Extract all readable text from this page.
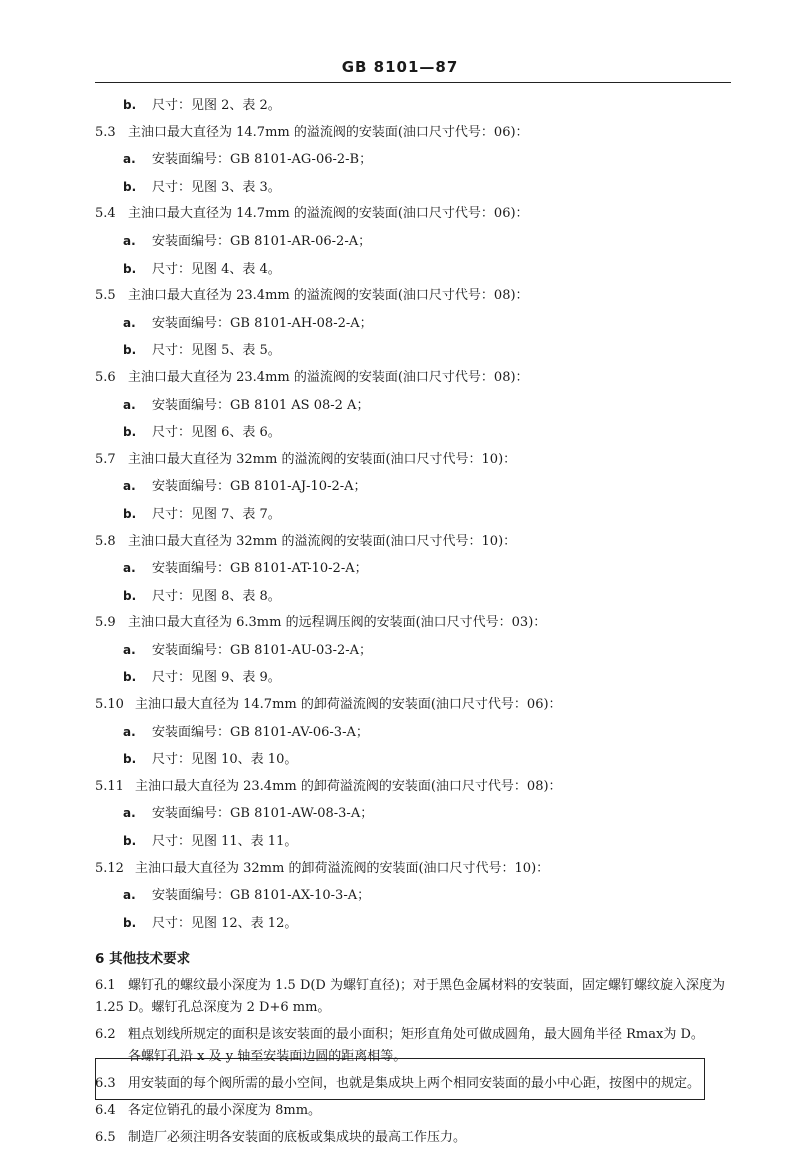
GB 8101—87
b. 尺寸：见图 2、表 2。
5.3 主油口最大直径为 14.7mm 的溢流阀的安装面(油口尺寸代号：06)：
a. 安装面编号：GB 8101-AG-06-2-B；
b. 尺寸：见图 3、表 3。
5.4 主油口最大直径为 14.7mm 的溢流阀的安装面(油口尺寸代号：06)：
a. 安装面编号：GB 8101-AR-06-2-A；
b. 尺寸：见图 4、表 4。
5.5 主油口最大直径为 23.4mm 的溢流阀的安装面(油口尺寸代号：08)：
a. 安装面编号：GB 8101-AH-08-2-A；
b. 尺寸：见图 5、表 5。
5.6 主油口最大直径为 23.4mm 的溢流阀的安装面(油口尺寸代号：08)：
a. 安装面编号：GB 8101 AS 08-2 A；
b. 尺寸：见图 6、表 6。
5.7 主油口最大直径为 32mm 的溢流阀的安装面(油口尺寸代号：10)：
a. 安装面编号：GB 8101-AJ-10-2-A；
b. 尺寸：见图 7、表 7。
5.8 主油口最大直径为 32mm 的溢流阀的安装面(油口尺寸代号：10)：
a. 安装面编号：GB 8101-AT-10-2-A；
b. 尺寸：见图 8、表 8。
5.9 主油口最大直径为 6.3mm 的远程调压阀的安装面(油口尺寸代号：03)：
a. 安装面编号：GB 8101-AU-03-2-A；
b. 尺寸：见图 9、表 9。
5.10 主油口最大直径为 14.7mm 的卸荷溢流阀的安装面(油口尺寸代号：06)：
a. 安装面编号：GB 8101-AV-06-3-A；
b. 尺寸：见图 10、表 10。
5.11 主油口最大直径为 23.4mm 的卸荷溢流阀的安装面(油口尺寸代号：08)：
a. 安装面编号：GB 8101-AW-08-3-A；
b. 尺寸：见图 11、表 11。
5.12 主油口最大直径为 32mm 的卸荷溢流阀的安装面(油口尺寸代号：10)：
a. 安装面编号：GB 8101-AX-10-3-A；
b. 尺寸：见图 12、表 12。
6 其他技术要求
6.1 螺钉孔的螺纹最小深度为 1.5 D(D 为螺钉直径)；对于黑色金属材料的安装面，固定螺钉螺纹旋入深度为 1.25 D。螺钉孔总深度为 2 D+6 mm。
6.2 粗点划线所规定的面积是该安装面的最小面积；矩形直角处可做成圆角，最大圆角半径 Rmax为 D。
各螺钉孔沿 x 及 y 轴至安装面边圆的距离相等。
6.3 用安装面的每个阀所需的最小空间，也就是集成块上两个相同安装面的最小中心距，按图中的规定。
6.4 各定位销孔的最小深度为 8mm。
6.5 制造厂必须注明各安装面的底板或集成块的最高工作压力。
